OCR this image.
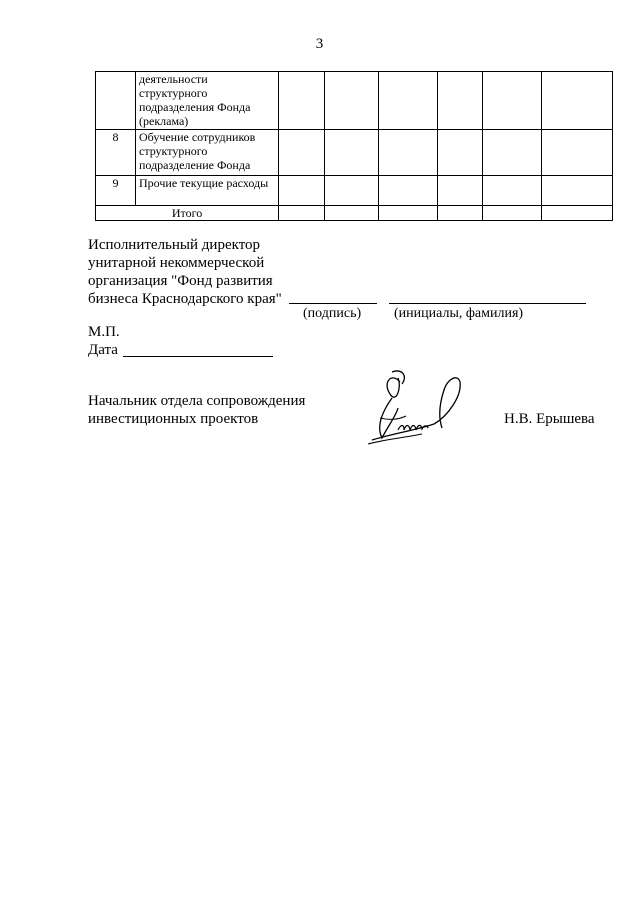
3
	деятельности структурного подразделения Фонда (реклама)						
8	Обучение сотрудников структурного подразделение Фонда						
9	Прочие текущие расходы						
Итого							
Исполнительный директор
унитарной некоммерческой
организация "Фонд развития
бизнеса Краснодарского края"
(подпись) (инициалы, фамилия)
М.П.
Дата
Начальник отдела сопровождения
инвестиционных проектов	Н.В. Ерышева
